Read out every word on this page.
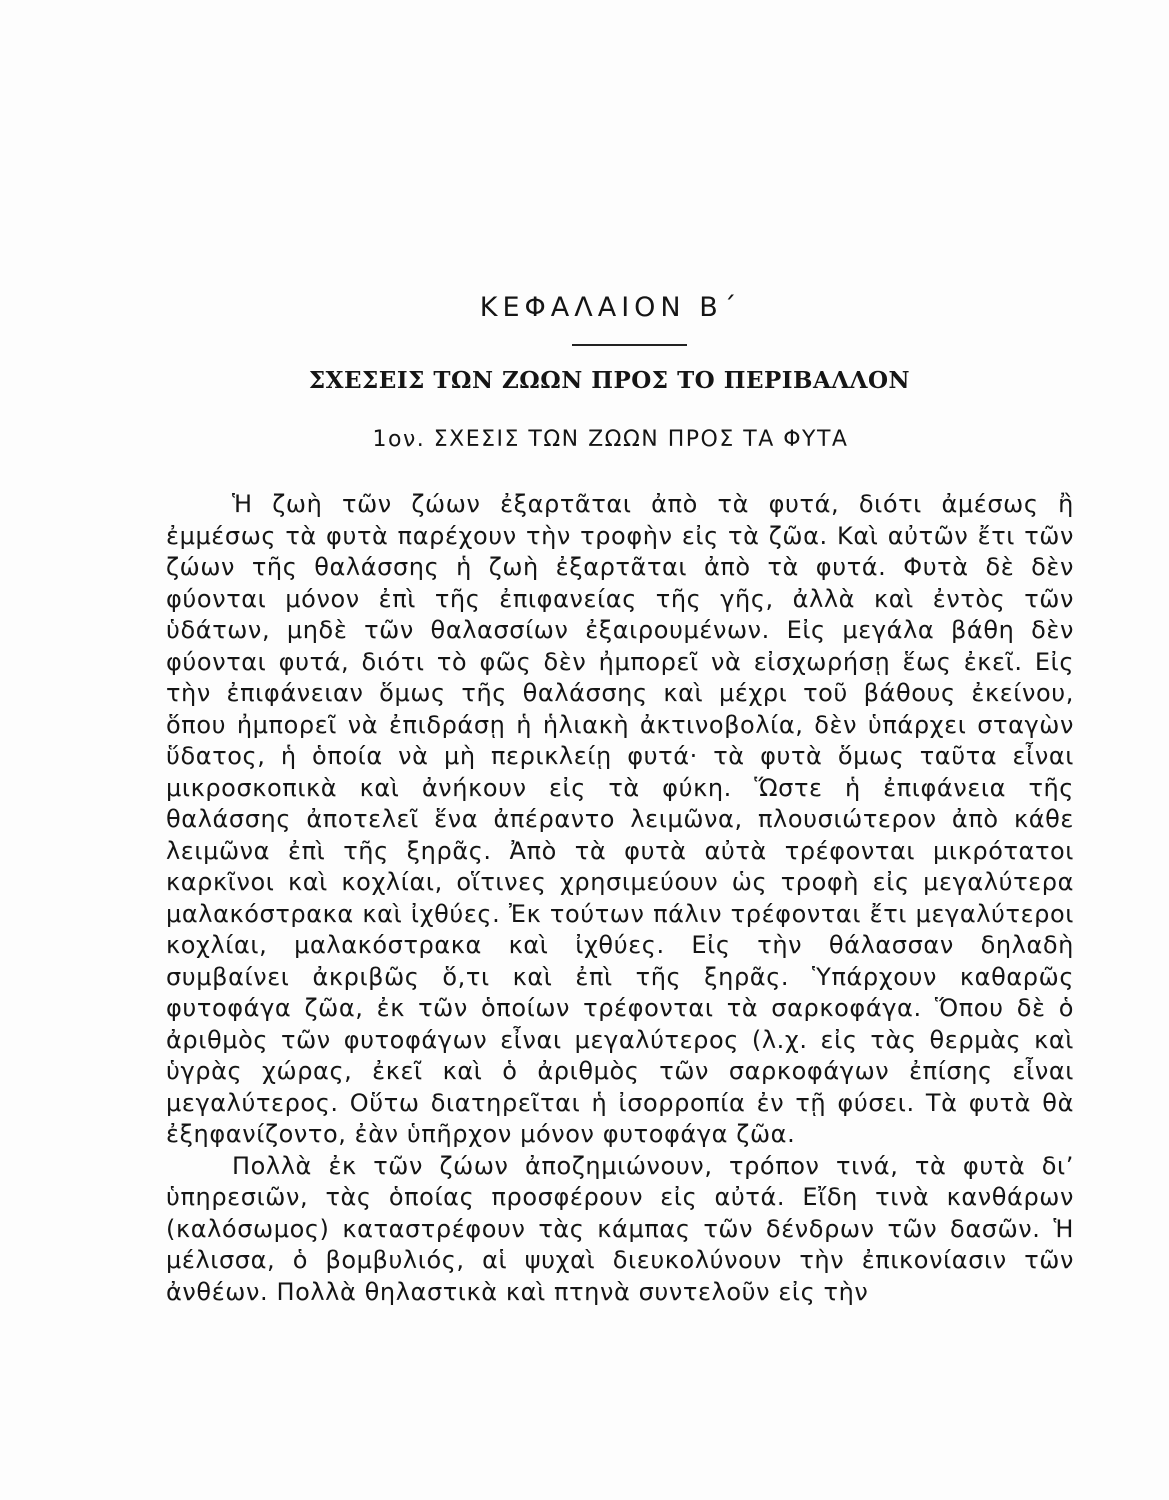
ΚΕΦΑΛΑΙΟΝ Β΄
ΣΧΕΣΕΙΣ ΤΩΝ ΖΩΩΝ ΠΡΟΣ ΤΟ ΠΕΡΙΒΑΛΛΟΝ
1ον. ΣΧΕΣΙΣ ΤΩΝ ΖΩΩΝ ΠΡΟΣ ΤΑ ΦΥΤΑ

Ἡ ζωὴ τῶν ζώων ἐξαρτᾶται ἀπὸ τὰ φυτά, διότι ἀμέσως ἢ ἐμμέσως τὰ φυτὰ παρέχουν τὴν τροφὴν εἰς τὰ ζῶα. Καὶ αὐτῶν ἔτι τῶν ζώων τῆς θαλάσσης ἡ ζωὴ ἐξαρτᾶται ἀπὸ τὰ φυτά. Φυτὰ δὲ δὲν φύονται μόνον ἐπὶ τῆς ἐπιφανείας τῆς γῆς, ἀλλὰ καὶ ἐντὸς τῶν ὑδάτων, μηδὲ τῶν θαλασσίων ἐξαιρουμένων. Εἰς μεγάλα βάθη δὲν φύονται φυτά, διότι τὸ φῶς δὲν ἠμπορεῖ νὰ εἰσχωρήσῃ ἕως ἐκεῖ. Εἰς τὴν ἐπιφάνειαν ὅμως τῆς θαλάσσης καὶ μέχρι τοῦ βάθους ἐκείνου, ὅπου ἠμπορεῖ νὰ ἐπιδράσῃ ἡ ἡλιακὴ ἀκτινοβολία, δὲν ὑπάρχει σταγὼν ὕδατος, ἡ ὁποία νὰ μὴ περικλείῃ φυτά· τὰ φυτὰ ὅμως ταῦτα εἶναι μικροσκοπικὰ καὶ ἀνήκουν εἰς τὰ φύκη. Ὥστε ἡ ἐπιφάνεια τῆς θαλάσσης ἀποτελεῖ ἕνα ἀπέραντο λειμῶνα, πλουσιώτερον ἀπὸ κάθε λειμῶνα ἐπὶ τῆς ξηρᾶς. Ἀπὸ τὰ φυτὰ αὐτὰ τρέφονται μικρότατοι καρκῖνοι καὶ κοχλίαι, οἵτινες χρησιμεύουν ὡς τροφὴ εἰς μεγαλύτερα μαλακόστρακα καὶ ἰχθύες. Ἐκ τούτων πάλιν τρέφονται ἔτι μεγαλύτεροι κοχλίαι, μαλακόστρακα καὶ ἰχθύες. Εἰς τὴν θάλασσαν δηλαδὴ συμβαίνει ἀκριβῶς ὅ,τι καὶ ἐπὶ τῆς ξηρᾶς. Ὑπάρχουν καθαρῶς φυτοφάγα ζῶα, ἐκ τῶν ὁποίων τρέφονται τὰ σαρκοφάγα. Ὅπου δὲ ὁ ἀριθμὸς τῶν φυτοφάγων εἶναι μεγαλύτερος (λ.χ. εἰς τὰς θερμὰς καὶ ὑγρὰς χώρας, ἐκεῖ καὶ ὁ ἀριθμὸς τῶν σαρκοφάγων ἐπίσης εἶναι μεγαλύτερος. Οὕτω διατηρεῖται ἡ ἰσορροπία ἐν τῇ φύσει. Τὰ φυτὰ θὰ ἐξηφανίζοντο, ἐὰν ὑπῆρχον μόνον φυτοφάγα ζῶα.

Πολλὰ ἐκ τῶν ζώων ἀποζημιώνουν, τρόπον τινά, τὰ φυτὰ δι’ ὑπηρεσιῶν, τὰς ὁποίας προσφέρουν εἰς αὐτά. Εἴδη τινὰ κανθάρων (καλόσωμος) καταστρέφουν τὰς κάμπας τῶν δένδρων τῶν δασῶν. Ἡ μέλισσα, ὁ βομβυλιός, αἱ ψυχαὶ διευκολύνουν τὴν ἐπικονίασιν τῶν ἀνθέων. Πολλὰ θηλαστικὰ καὶ πτηνὰ συντελοῦν εἰς τὴν
